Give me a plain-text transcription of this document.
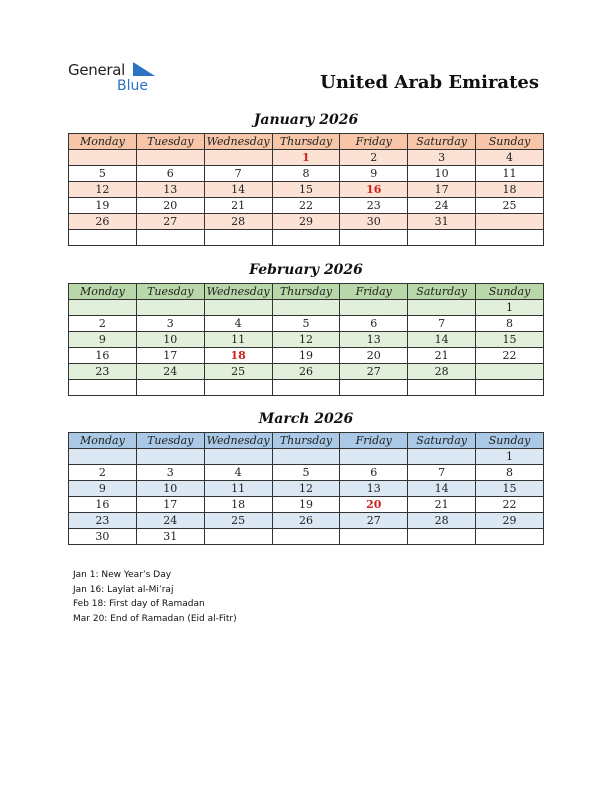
General
Blue	United Arab Emirates
January 2026
Monday	Tuesday	Wednesday	Thursday	Friday	Saturday	Sunday
			1	2	3	4
5	6	7	8	9	10	11
12	13	14	15	16	17	18
19	20	21	22	23	24	25
26	27	28	29	30	31	

February 2026
Monday	Tuesday	Wednesday	Thursday	Friday	Saturday	Sunday
						1
2	3	4	5	6	7	8
9	10	11	12	13	14	15
16	17	18	19	20	21	22
23	24	25	26	27	28	

March 2026
Monday	Tuesday	Wednesday	Thursday	Friday	Saturday	Sunday
						1
2	3	4	5	6	7	8
9	10	11	12	13	14	15
16	17	18	19	20	21	22
23	24	25	26	27	28	29
30	31					
Jan 1: New Year’s Day
Jan 16: Laylat al-Mi’raj
Feb 18: First day of Ramadan
Mar 20: End of Ramadan (Eid al-Fitr)
